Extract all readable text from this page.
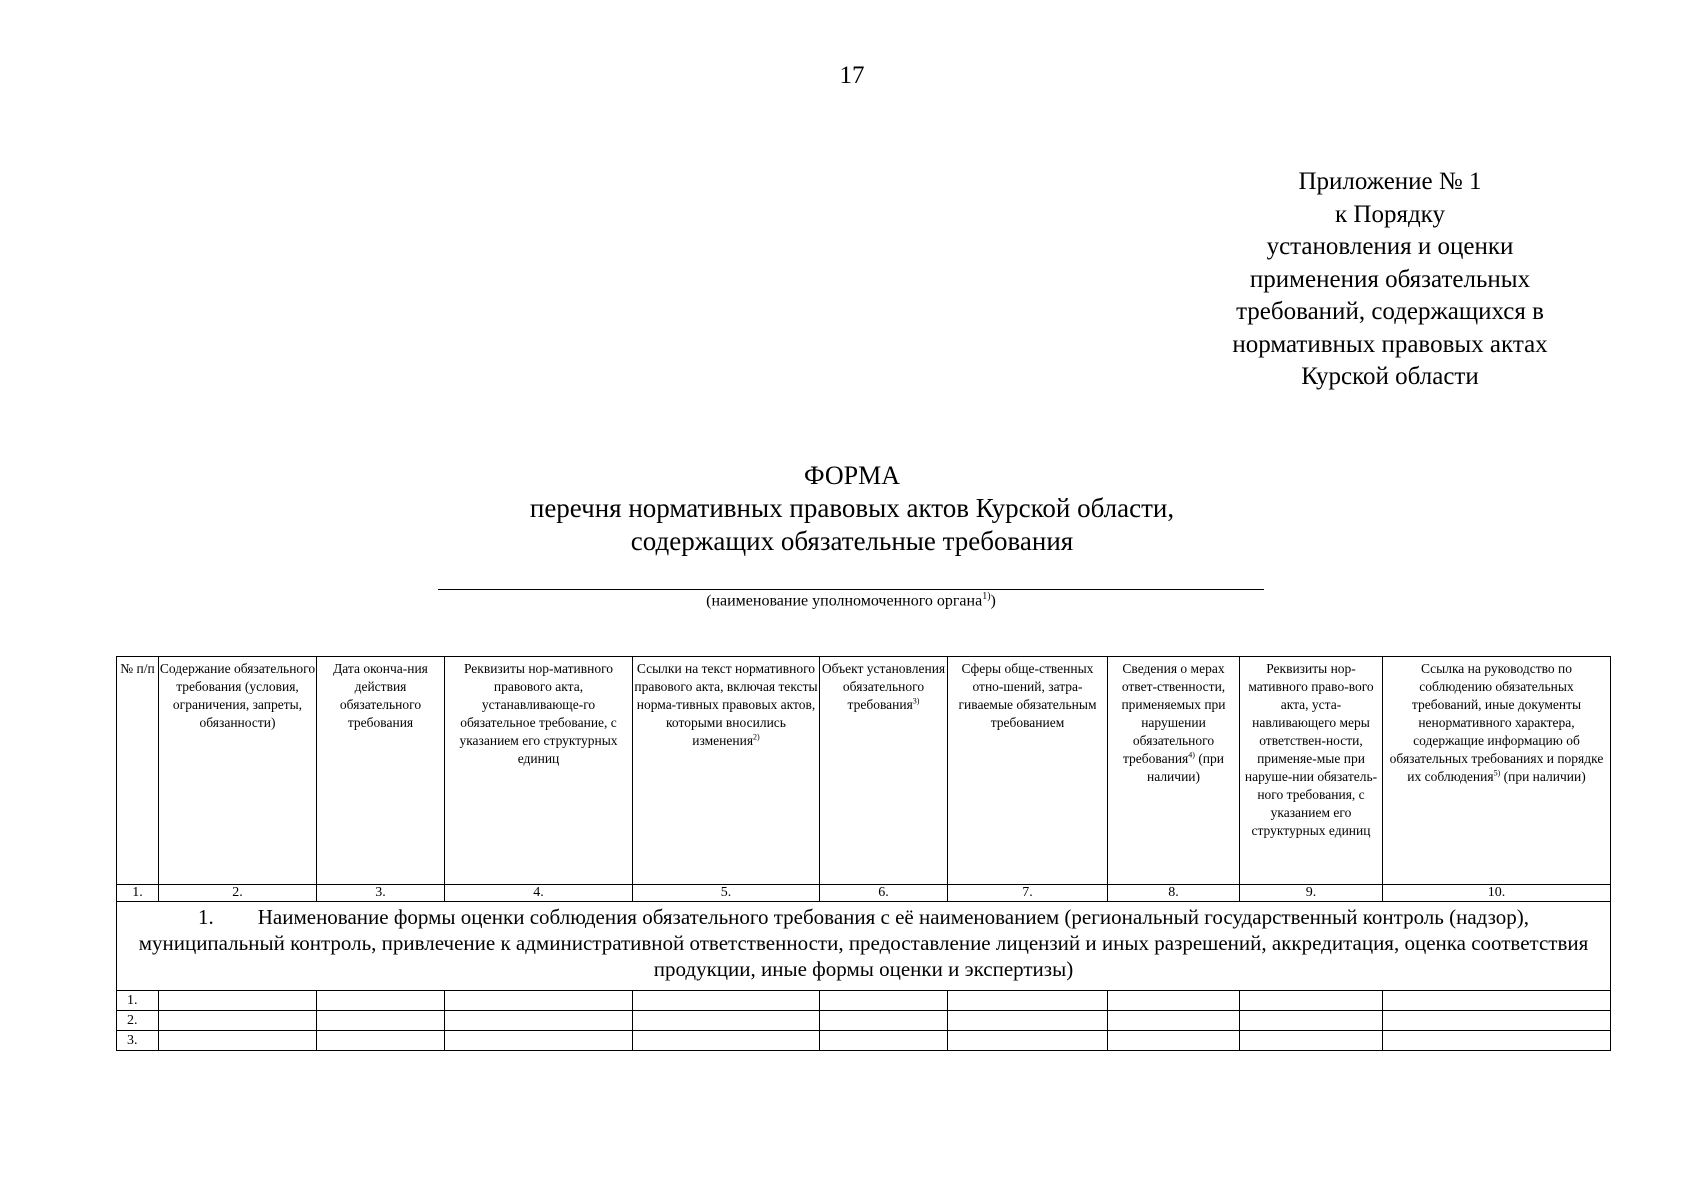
17
Приложение № 1
к Порядку
установления и оценки
применения обязательных
требований, содержащихся в
нормативных правовых актах
Курской области
ФОРМА
перечня нормативных правовых актов Курской области,
содержащих обязательные требования
(наименование уполномоченного органа$^{1)}$)
№ п/п	Содержание обязательного требования (условия, ограничения, запреты, обязанности)	Дата оконча-ния действия обязательного требования	Реквизиты нор-мативного правового акта, устанавливающе-го обязательное требование, с указанием его структурных единиц	Ссылки на текст нормативного правового акта, включая тексты норма-тивных правовых актов, которыми вносились изменения$^{2)}$	Объект установления обязательного требования$^{3)}$	Сферы обще-ственных отно-шений, затра-гиваемые обязательным требованием	Сведения о мерах ответ-ственности, применяемых при нарушении обязательного требования$^{4)}$ (при наличии)	Реквизиты нор-мативного право-вого акта, уста-навливающего меры ответствен-ности, применяе-мые при наруше-нии обязатель-ного требования, с указанием его структурных единиц	Ссылка на руководство по соблюдению обязательных требований, иные документы ненормативного характера, содержащие информацию об обязательных требованиях и порядке их соблюдения$^{5)}$ (при наличии)
1.	2.	3.	4.	5.	6.	7.	8.	9.	10.
1. Наименование формы оценки соблюдения обязательного требования с её наименованием (региональный государственный контроль (надзор), муниципальный контроль, привлечение к административной ответственности, предоставление лицензий и иных разрешений, аккредитация, оценка соответствия продукции, иные формы оценки и экспертизы)									
1.									
2.									
3.									
